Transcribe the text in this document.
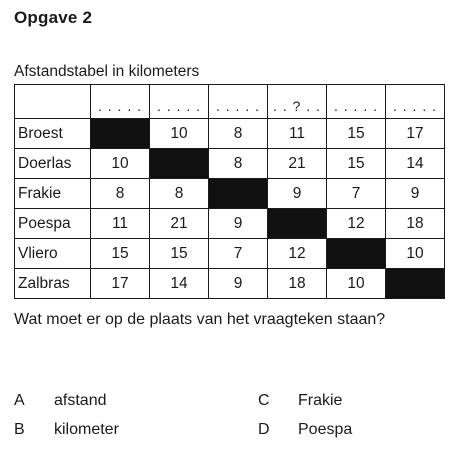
Opgave 2
Afstandstabel in kilometers
	. . . . .	. . . . .	. . . . .	. . ? . .	. . . . .	. . . . .
Broest		10	8	11	15	17
Doerlas	10		8	21	15	14
Frakie	8	8		9	7	9
Poespa	11	21	9		12	18
Vliero	15	15	7	12		10
Zalbras	17	14	9	18	10	
Wat moet er op de plaats van het vraagteken staan?
A afstand
B kilometer
C Frakie
D Poespa
